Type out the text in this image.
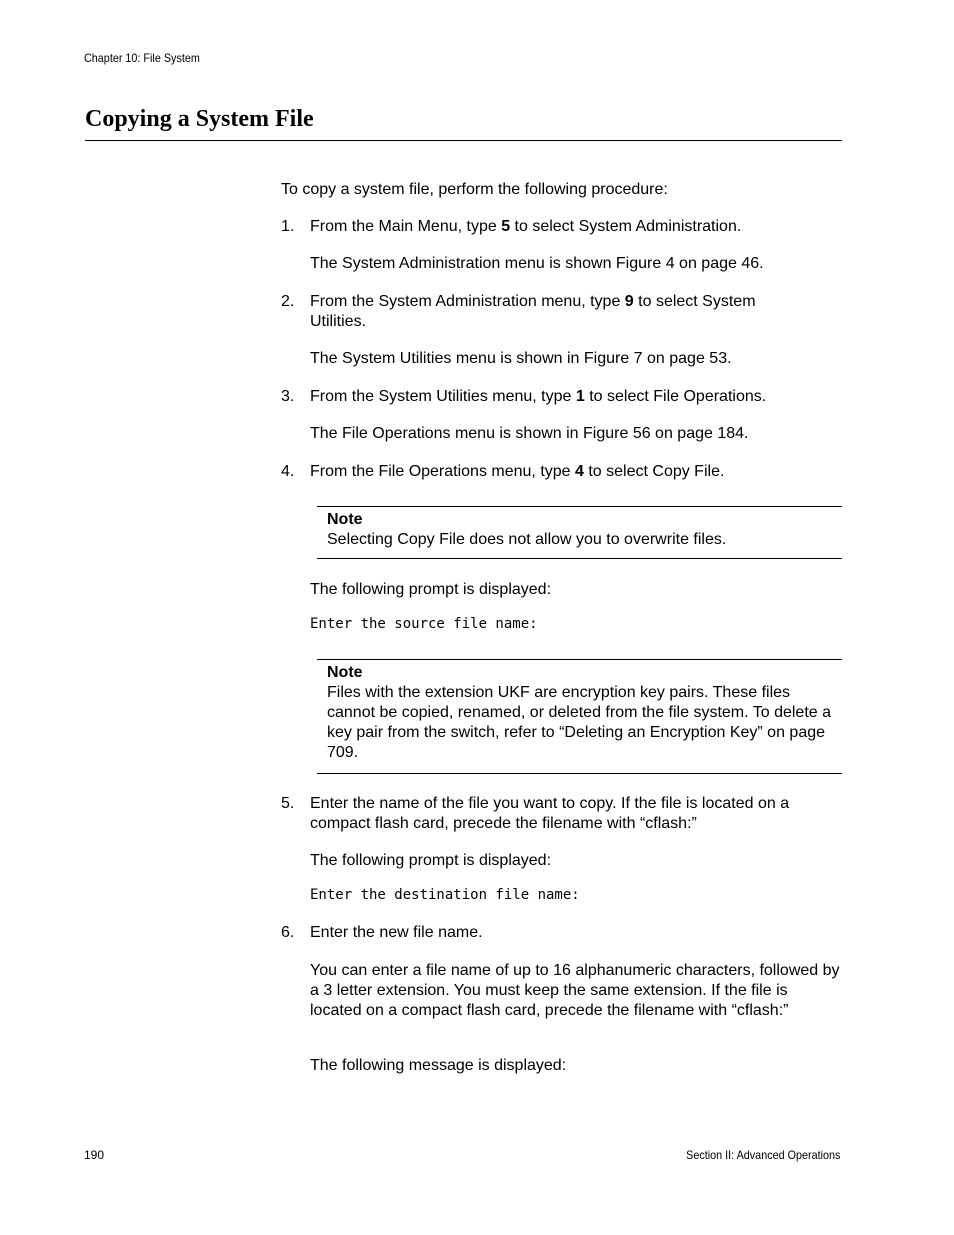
Chapter 10: File System
Copying a System File
To copy a system file, perform the following procedure:
1. From the Main Menu, type 5 to select System Administration.
The System Administration menu is shown Figure 4 on page 46.
2. From the System Administration menu, type 9 to select System Utilities.
The System Utilities menu is shown in Figure 7 on page 53.
3. From the System Utilities menu, type 1 to select File Operations.
The File Operations menu is shown in Figure 56 on page 184.
4. From the File Operations menu, type 4 to select Copy File.
Note
Selecting Copy File does not allow you to overwrite files.
The following prompt is displayed:
Enter the source file name:
Note
Files with the extension UKF are encryption key pairs. These files cannot be copied, renamed, or deleted from the file system. To delete a key pair from the switch, refer to “Deleting an Encryption Key” on page 709.
5. Enter the name of the file you want to copy. If the file is located on a compact flash card, precede the filename with “cflash:”
The following prompt is displayed:
Enter the destination file name:
6. Enter the new file name.
You can enter a file name of up to 16 alphanumeric characters, followed by a 3 letter extension. You must keep the same extension. If the file is located on a compact flash card, precede the filename with “cflash:”
The following message is displayed:
190	Section II: Advanced Operations
